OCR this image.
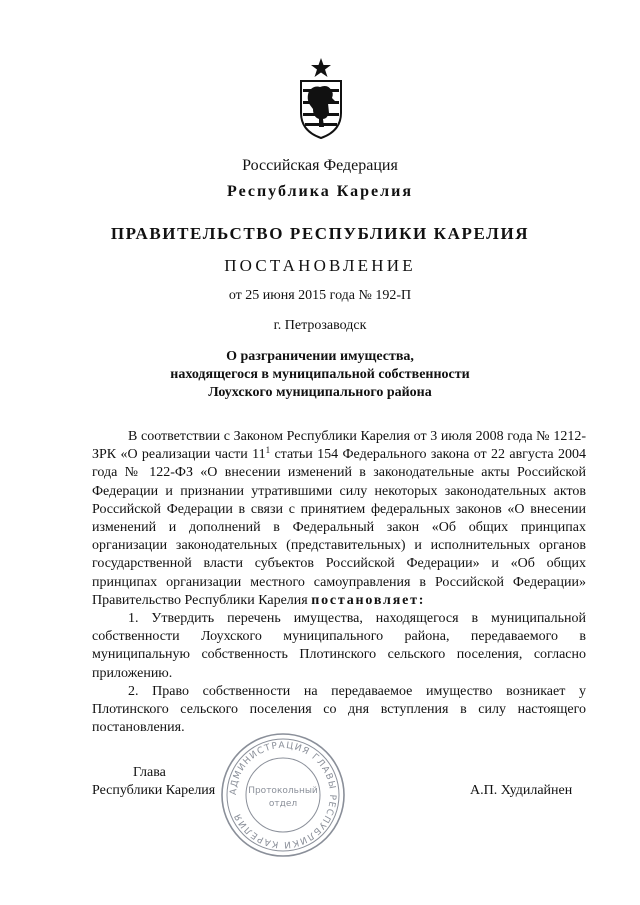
Российская Федерация
Республика Карелия
ПРАВИТЕЛЬСТВО РЕСПУБЛИКИ КАРЕЛИЯ
ПОСТАНОВЛЕНИЕ
от 25 июня 2015 года № 192-П
г. Петрозаводск
О разграничении имущества,
находящегося в муниципальной собственности
Лоухского муниципального района

В соответствии с Законом Республики Карелия от 3 июля 2008 года № 1212-ЗРК «О реализации части $11^1$ статьи 154 Федерального закона от 22 августа 2004 года № 122-ФЗ «О внесении изменений в законодательные акты Российской Федерации и признании утратившими силу некоторых законодательных актов Российской Федерации в связи с принятием федеральных законов «О внесении изменений и дополнений в Федеральный закон «Об общих принципах организации законодательных (представительных) и исполнительных органов государственной власти субъектов Российской Федерации» и «Об общих принципах организации местного самоуправления в Российской Федерации» Правительство Республики Карелия постановляет:

1. Утвердить перечень имущества, находящегося в муниципальной собственности Лоухского муниципального района, передаваемого в муниципальную собственность Плотинского сельского поселения, согласно приложению.

2. Право собственности на передаваемое имущество возникает у Плотинского сельского поселения со дня вступления в силу настоящего постановления.

Глава
Республики Карелия	А.П. Худилайнен
АДМИНИСТРАЦИЯ ГЛАВЫ РЕСПУБЛИКИ КАРЕЛИЯ
Протокольный
отдел
